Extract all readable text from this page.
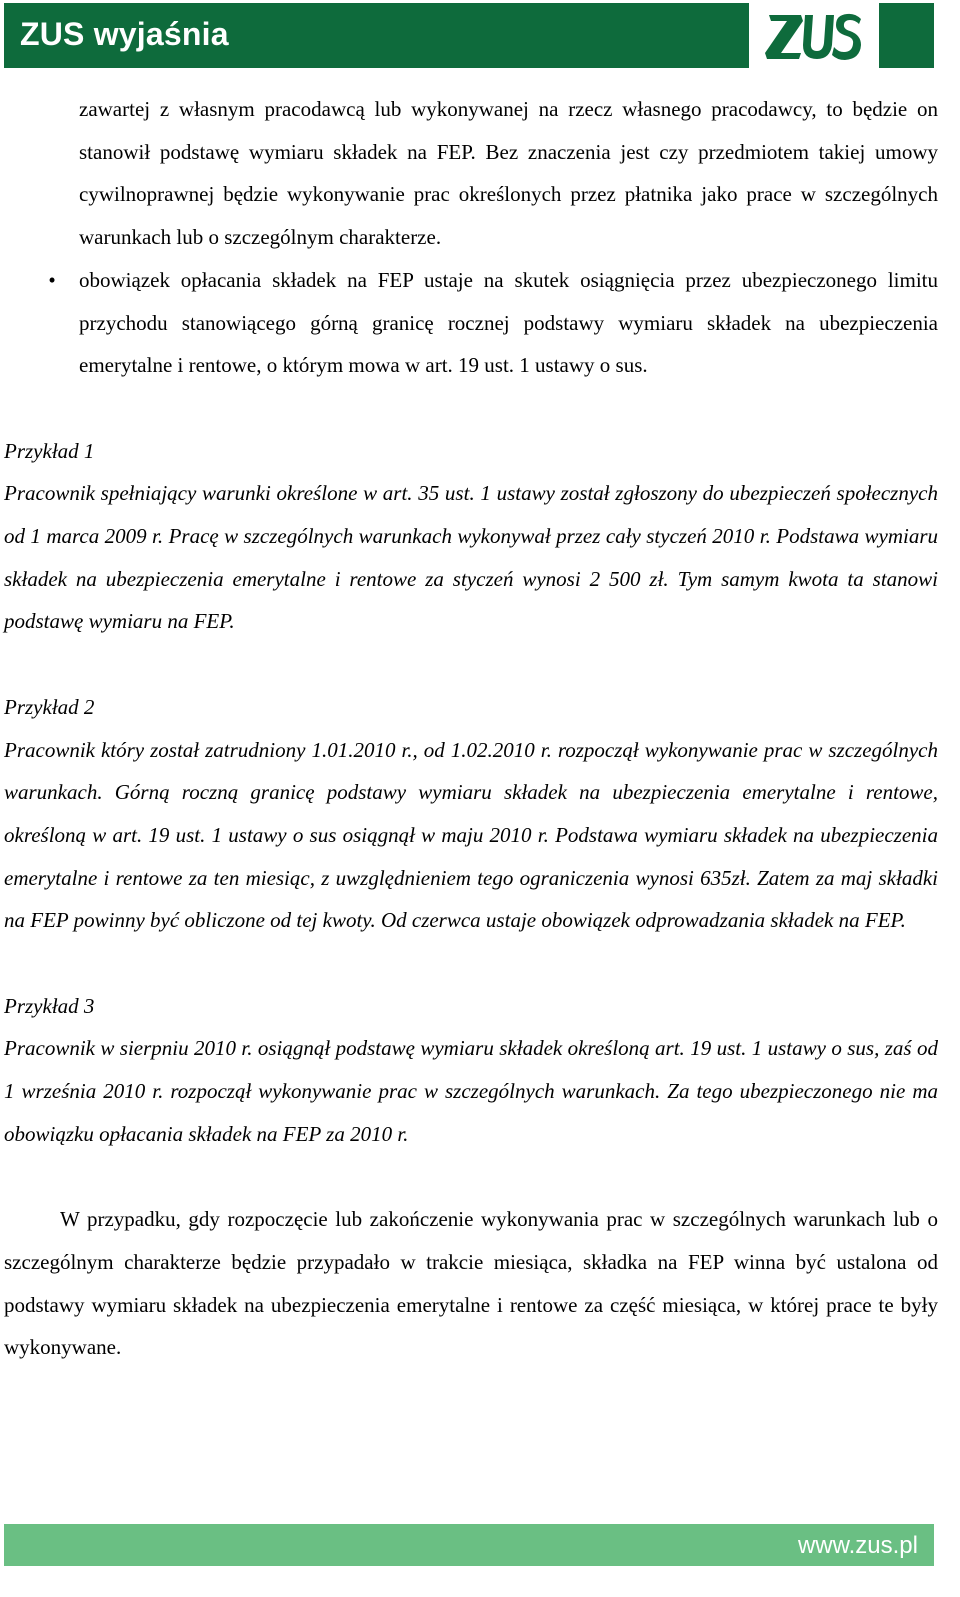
ZUS wyjaśnia

zawartej z własnym pracodawcą lub wykonywanej na rzecz własnego pracodawcy, to będzie on stanowił podstawę wymiaru składek na FEP. Bez znaczenia jest czy przedmiotem takiej umowy cywilnoprawnej będzie wykonywanie prac określonych przez płatnika jako prace w szczególnych warunkach lub o szczególnym charakterze.

• obowiązek opłacania składek na FEP ustaje na skutek osiągnięcia przez ubezpieczonego limitu przychodu stanowiącego górną granicę rocznej podstawy wymiaru składek na ubezpieczenia emerytalne i rentowe, o którym mowa w art. 19 ust. 1 ustawy o sus.

Przykład 1

Pracownik spełniający warunki określone w art. 35 ust. 1 ustawy został zgłoszony do ubezpieczeń społecznych od 1 marca 2009 r. Pracę w szczególnych warunkach wykonywał przez cały styczeń 2010 r. Podstawa wymiaru składek na ubezpieczenia emerytalne i rentowe za styczeń wynosi 2 500 zł. Tym samym kwota ta stanowi podstawę wymiaru na FEP.

Przykład 2

Pracownik który został zatrudniony 1.01.2010 r., od 1.02.2010 r. rozpoczął wykonywanie prac w szczególnych warunkach. Górną roczną granicę podstawy wymiaru składek na ubezpieczenia emerytalne i rentowe, określoną w art. 19 ust. 1 ustawy o sus osiągnął w maju 2010 r. Podstawa wymiaru składek na ubezpieczenia emerytalne i rentowe za ten miesiąc, z uwzględnieniem tego ograniczenia wynosi 635zł. Zatem za maj składki na FEP powinny być obliczone od tej kwoty. Od czerwca ustaje obowiązek odprowadzania składek na FEP.

Przykład 3

Pracownik w sierpniu 2010 r. osiągnął podstawę wymiaru składek określoną art. 19 ust. 1 ustawy o sus, zaś od 1 września 2010 r. rozpoczął wykonywanie prac w szczególnych warunkach. Za tego ubezpieczonego nie ma obowiązku opłacania składek na FEP za 2010 r.

W przypadku, gdy rozpoczęcie lub zakończenie wykonywania prac w szczególnych warunkach lub o szczególnym charakterze będzie przypadało w trakcie miesiąca, składka na FEP winna być ustalona od podstawy wymiaru składek na ubezpieczenia emerytalne i rentowe za część miesiąca, w której prace te były wykonywane.

www.zus.pl
